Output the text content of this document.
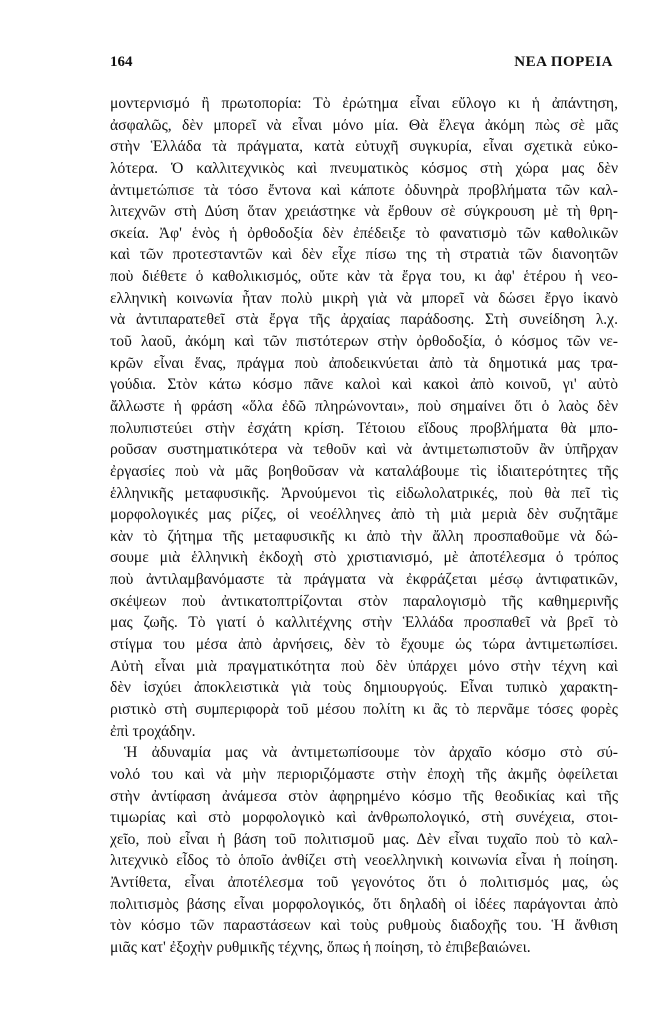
164	ΝΕΑ ΠΟΡΕΙΑ
μοντερνισμό ἢ πρωτοπορία: Τὸ ἐρώτημα εἶναι εὔλογο κι ἡ ἀπάντηση,
ἀσφαλῶς, δὲν μπορεῖ νὰ εἶναι μόνο μία. Θὰ ἔλεγα ἀκόμη πὼς σὲ μᾶς
στὴν Ἑλλάδα τὰ πράγματα, κατὰ εὐτυχῆ συγκυρία, εἶναι σχετικὰ εὐκο-
λότερα. Ὁ καλλιτεχνικὸς καὶ πνευματικὸς κόσμος στὴ χώρα μας δὲν
ἀντιμετώπισε τὰ τόσο ἔντονα καὶ κάποτε ὀδυνηρὰ προβλήματα τῶν καλ-
λιτεχνῶν στὴ Δύση ὅταν χρειάστηκε νὰ ἔρθουν σὲ σύγκρουση μὲ τὴ θρη-
σκεία. Ἀφ' ἑνὸς ἡ ὀρθοδοξία δὲν ἐπέδειξε τὸ φανατισμὸ τῶν καθολικῶν
καὶ τῶν προτεσταντῶν καὶ δὲν εἶχε πίσω της τὴ στρατιὰ τῶν διανοητῶν
ποὺ διέθετε ὁ καθολικισμός, οὔτε κὰν τὰ ἔργα του, κι ἀφ' ἑτέρου ἡ νεο-
ελληνικὴ κοινωνία ἦταν πολὺ μικρὴ γιὰ νὰ μπορεῖ νὰ δώσει ἔργο ἱκανὸ
νὰ ἀντιπαρατεθεῖ στὰ ἔργα τῆς ἀρχαίας παράδοσης. Στὴ συνείδηση λ.χ.
τοῦ λαοῦ, ἀκόμη καὶ τῶν πιστότερων στὴν ὀρθοδοξία, ὁ κόσμος τῶν νε-
κρῶν εἶναι ἕνας, πράγμα ποὺ ἀποδεικνύεται ἀπὸ τὰ δημοτικά μας τρα-
γούδια. Στὸν κάτω κόσμο πᾶνε καλοὶ καὶ κακοὶ ἀπὸ κοινοῦ, γι' αὐτὸ
ἄλλωστε ἡ φράση «ὅλα ἐδῶ πληρώνονται», ποὺ σημαίνει ὅτι ὁ λαὸς δὲν
πολυπιστεύει στὴν ἐσχάτη κρίση. Τέτοιου εἴδους προβλήματα θὰ μπο-
ροῦσαν συστηματικότερα νὰ τεθοῦν καὶ νὰ ἀντιμετωπιστοῦν ἂν ὑπῆρχαν
ἐργασίες ποὺ νὰ μᾶς βοηθοῦσαν νὰ καταλάβουμε τὶς ἰδιαιτερότητες τῆς
ἑλληνικῆς μεταφυσικῆς. Ἀρνούμενοι τὶς εἰδωλολατρικές, ποὺ θὰ πεῖ τὶς
μορφολογικές μας ρίζες, οἱ νεοέλληνες ἀπὸ τὴ μιὰ μεριὰ δὲν συζητᾶμε
κὰν τὸ ζήτημα τῆς μεταφυσικῆς κι ἀπὸ τὴν ἄλλη προσπαθοῦμε νὰ δώ-
σουμε μιὰ ἑλληνικὴ ἐκδοχὴ στὸ χριστιανισμό, μὲ ἀποτέλεσμα ὁ τρόπος
ποὺ ἀντιλαμβανόμαστε τὰ πράγματα νὰ ἐκφράζεται μέσῳ ἀντιφατικῶν,
σκέψεων ποὺ ἀντικατοπτρίζονται στὸν παραλογισμὸ τῆς καθημερινῆς
μας ζωῆς. Τὸ γιατί ὁ καλλιτέχνης στὴν Ἑλλάδα προσπαθεῖ νὰ βρεῖ τὸ
στίγμα του μέσα ἀπὸ ἀρνήσεις, δὲν τὸ ἔχουμε ὡς τώρα ἀντιμετωπίσει.
Αὐτὴ εἶναι μιὰ πραγματικότητα ποὺ δὲν ὑπάρχει μόνο στὴν τέχνη καὶ
δὲν ἰσχύει ἀποκλειστικὰ γιὰ τοὺς δημιουργούς. Εἶναι τυπικὸ χαρακτη-
ριστικὸ στὴ συμπεριφορὰ τοῦ μέσου πολίτη κι ἂς τὸ περνᾶμε τόσες φορὲς
ἐπὶ τροχάδην.
Ἡ ἀδυναμία μας νὰ ἀντιμετωπίσουμε τὸν ἀρχαῖο κόσμο στὸ σύ-
νολό του καὶ νὰ μὴν περιοριζόμαστε στὴν ἐποχὴ τῆς ἀκμῆς ὀφείλεται
στὴν ἀντίφαση ἀνάμεσα στὸν ἀφηρημένο κόσμο τῆς θεοδικίας καὶ τῆς
τιμωρίας καὶ στὸ μορφολογικὸ καὶ ἀνθρωπολογικό, στὴ συνέχεια, στοι-
χεῖο, ποὺ εἶναι ἡ βάση τοῦ πολιτισμοῦ μας. Δὲν εἶναι τυχαῖο ποὺ τὸ καλ-
λιτεχνικὸ εἶδος τὸ ὁποῖο ἀνθίζει στὴ νεοελληνικὴ κοινωνία εἶναι ἡ ποίηση.
Ἀντίθετα, εἶναι ἀποτέλεσμα τοῦ γεγονότος ὅτι ὁ πολιτισμός μας, ὡς
πολιτισμὸς βάσης εἶναι μορφολογικός, ὅτι δηλαδὴ οἱ ἰδέες παράγονται ἀπὸ
τὸν κόσμο τῶν παραστάσεων καὶ τοὺς ρυθμοὺς διαδοχῆς του. Ἡ ἄνθιση
μιᾶς κατ' ἐξοχὴν ρυθμικῆς τέχνης, ὅπως ἡ ποίηση, τὸ ἐπιβεβαιώνει.
